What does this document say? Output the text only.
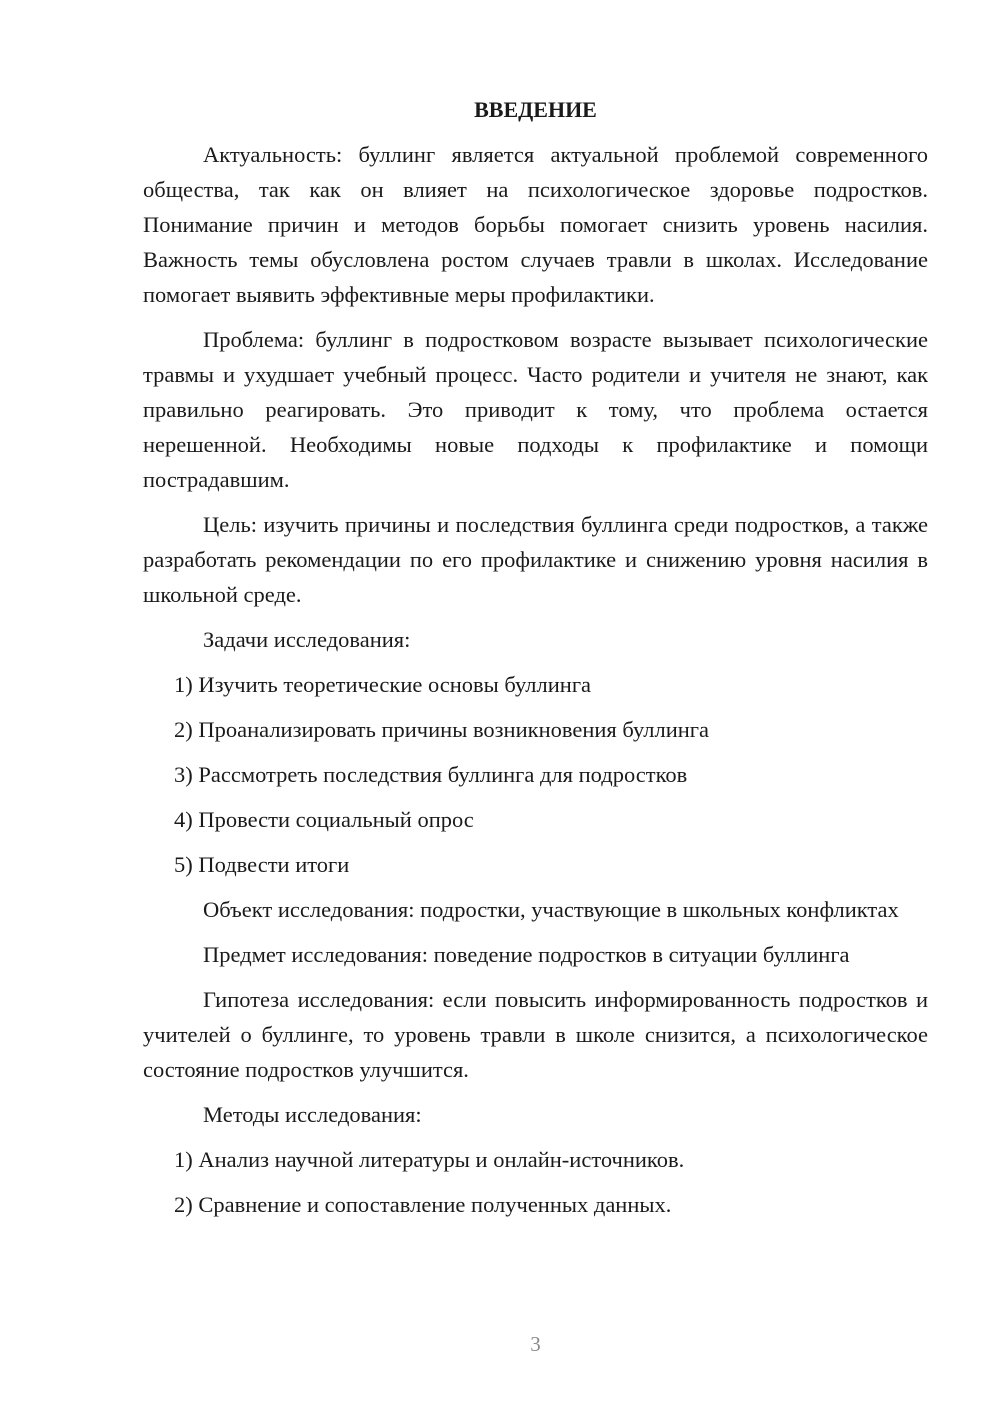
ВВЕДЕНИЕ
Актуальность: буллинг является актуальной проблемой современного общества, так как он влияет на психологическое здоровье подростков. Понимание причин и методов борьбы помогает снизить уровень насилия. Важность темы обусловлена ростом случаев травли в школах. Исследование помогает выявить эффективные меры профилактики.
Проблема: буллинг в подростковом возрасте вызывает психологические травмы и ухудшает учебный процесс. Часто родители и учителя не знают, как правильно реагировать. Это приводит к тому, что проблема остается нерешенной. Необходимы новые подходы к профилактике и помощи пострадавшим.
Цель: изучить причины и последствия буллинга среди подростков, а также разработать рекомендации по его профилактике и снижению уровня насилия в школьной среде.
Задачи исследования:
1) Изучить теоретические основы буллинга
2) Проанализировать причины возникновения буллинга
3) Рассмотреть последствия буллинга для подростков
4) Провести социальный опрос
5) Подвести итоги
Объект исследования: подростки, участвующие в школьных конфликтах
Предмет исследования: поведение подростков в ситуации буллинга
Гипотеза исследования: если повысить информированность подростков и учителей о буллинге, то уровень травли в школе снизится, а психологическое состояние подростков улучшится.
Методы исследования:
1) Анализ научной литературы и онлайн-источников.
2) Сравнение и сопоставление полученных данных.
3
